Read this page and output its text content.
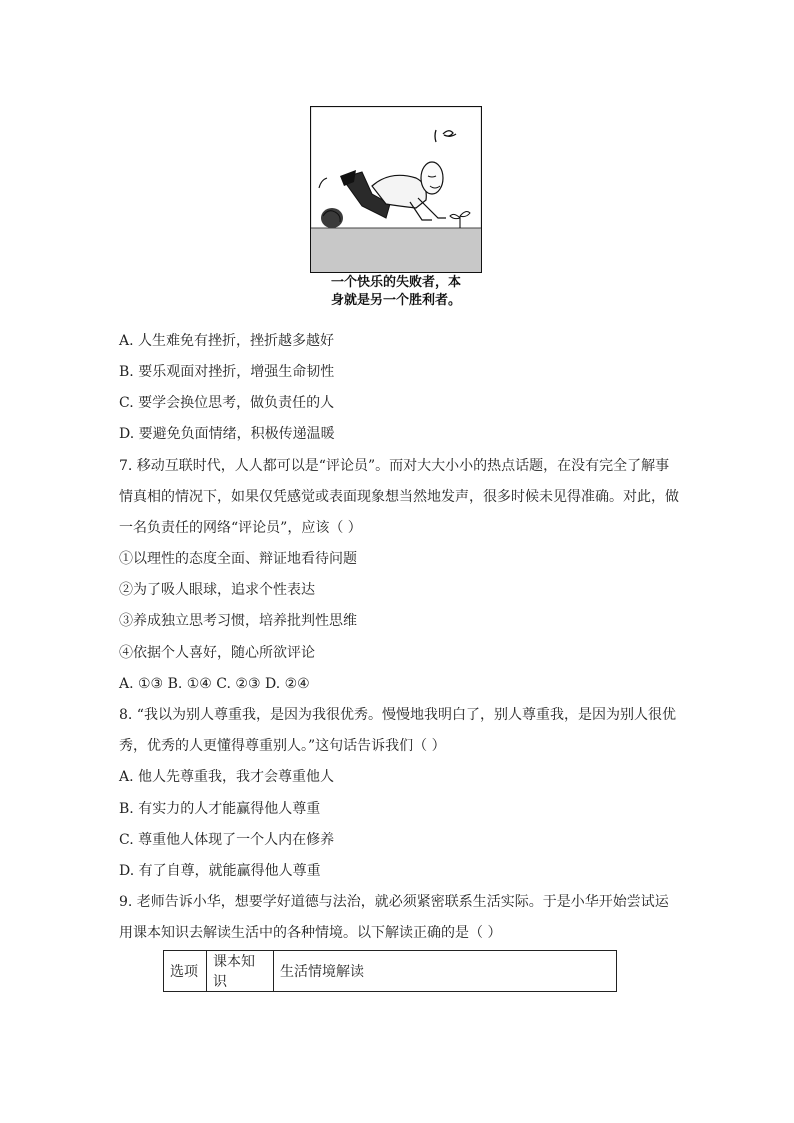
一个快乐的失败者，本
身就是另一个胜利者。
A. 人生难免有挫折，挫折越多越好
B. 要乐观面对挫折，增强生命韧性
C. 要学会换位思考，做负责任的人
D. 要避免负面情绪，积极传递温暖
7. 移动互联时代，人人都可以是“评论员”。而对大大小小的热点话题，在没有完全了解事
情真相的情况下，如果仅凭感觉或表面现象想当然地发声，很多时候未见得准确。对此，做
一名负责任的网络“评论员”，应该（ ）
①以理性的态度全面、辩证地看待问题
②为了吸人眼球，追求个性表达
③养成独立思考习惯，培养批判性思维
④依据个人喜好，随心所欲评论
A. ①③ B. ①④ C. ②③ D. ②④
8. “我以为别人尊重我，是因为我很优秀。慢慢地我明白了，别人尊重我，是因为别人很优
秀，优秀的人更懂得尊重别人。”这句话告诉我们（ ）
A. 他人先尊重我，我才会尊重他人
B. 有实力的人才能赢得他人尊重
C. 尊重他人体现了一个人内在修养
D. 有了自尊，就能赢得他人尊重
9. 老师告诉小华，想要学好道德与法治，就必须紧密联系生活实际。于是小华开始尝试运
用课本知识去解读生活中的各种情境。以下解读正确的是（ ）
选项	课本知识	生活情境解读
